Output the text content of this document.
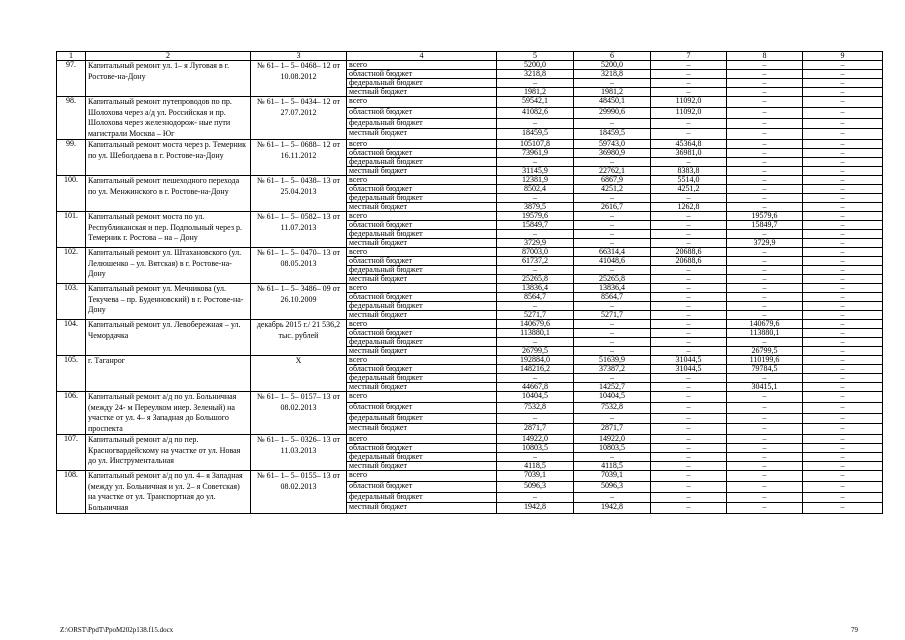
1	2	3	4	5	6	7	8	9
97.	Капитальный ремонт ул. 1– я Луговая в г. Ростове-на-Дону	№ 61– 1– 5– 0468– 12 от 10.08.2012	всего	5200,0	5200,0	–	–	–
			областной бюджет	3218,8	3218,8	–	–	–
			федеральный бюджет	–	–	–	–	–
			местный бюджет	1981,2	1981,2	–	–	–
98.	Капитальный ремонт путепроводов по пр. Шолохова через а/д ул. Российская и пр. Шолохова через железнодорож- ные пути магистрали Москва – Юг	№ 61– 1– 5– 0434– 12 от 27.07.2012	всего	59542,1	48450,1	11092,0	–	–
			областной бюджет	41082,6	29990,6	11092,0	–	–
			федеральный бюджет	–	–	–	–	–
			местный бюджет	18459,5	18459,5	–	–	–
99.	Капитальный ремонт моста через р. Темерник по ул. Шеболдаева в г. Ростове-на-Дону	№ 61– 1– 5– 0688– 12 от 16.11.2012	всего	105107,8	59743,0	45364,8	–	–
			областной бюджет	73961,9	36980,9	36981,0	–	–
			федеральный бюджет	–	–	–	–	–
			местный бюджет	31145,9	22762,1	8383,8	–	–
100.	Капитальный ремонт пешеходного перехода по ул. Менжинского в г. Ростове-на-Дону	№ 61– 1– 5– 0438– 13 от 25.04.2013	всего	12381,9	6867,9	5514,0	–	–
			областной бюджет	8502,4	4251,2	4251,2	–	–
			федеральный бюджет	–	–	–	–	–
			местный бюджет	3879,5	2616,7	1262,8	–	–
101.	Капитальный ремонт моста по ул. Республиканская и пер. Подпольный через р. Темерник г. Ростова – на – Дону	№ 61– 1– 5– 0582– 13 от 11.07.2013	всего	19579,6	–	–	19579,6	–
			областной бюджет	15849,7	–	–	15849,7	–
			федеральный бюджет	–	–	–	–	–
			местный бюджет	3729,9	–	–	3729,9	–
102.	Капитальный ремонт ул. Штахановского (ул. Лелюшенко – ул. Вятская) в г. Ростове-на-Дону	№ 61– 1– 5– 0470– 13 от 08.05.2013	всего	87003,0	66314,4	20688,6	–	–
			областной бюджет	61737,2	41048,6	20688,6	–	–
			федеральный бюджет	–	–	–	–	–
			местный бюджет	25265,8	25265,8	–	–	–
103.	Капитальный ремонт ул. Мечникова (ул. Текучева – пр. Буденновский) в г. Ростове-на-Дону	№ 61– 1– 5– 3486– 09 от 26.10.2009	всего	13836,4	13836,4	–	–	–
			областной бюджет	8564,7	8564,7	–	–	–
			федеральный бюджет	–	–	–	–	–
			местный бюджет	5271,7	5271,7	–	–	–
104.	Капитальный ремонт ул. Левобережная – ул. Чемордачка	декабрь 2015 г./ 21 536,2 тыс. рублей	всего	140679,6	–	–	140679,6	–
			областной бюджет	113880,1	–	–	113880,1	–
			федеральный бюджет	–	–	–	–	–
			местный бюджет	26799,5	–	–	26799,5	–
105.	г. Таганрог	Х	всего	192884,0	51639,9	31044,5	110199,6	–
			областной бюджет	148216,2	37387,2	31044,5	79784,5	–
			федеральный бюджет	–	–	–	–	–
			местный бюджет	44667,8	14252,7	–	30415,1	–
106.	Капитальный ремонт а/д по ул. Больничная (между 24- м Переулком инер. Зеленый) на участке от ул. 4– я Западная до Большого проспекта	№ 61– 1– 5– 0157– 13 от 08.02.2013	всего	10404,5	10404,5	–	–	–
			областной бюджет	7532,8	7532,8	–	–	–
			федеральный бюджет	–	–	–	–	–
			местный бюджет	2871,7	2871,7	–	–	–
107.	Капитальный ремонт а/д по пер. Красногвардейскому на участке от ул. Новая до ул. Инструментальная	№ 61– 1– 5– 0326– 13 от 11.03.2013	всего	14922,0	14922,0	–	–	–
			областной бюджет	10803,5	10803,5	–	–	–
			федеральный бюджет	–	–	–	–	–
			местный бюджет	4118,5	4118,5	–	–	–
108.	Капитальный ремонт а/д по ул. 4– я Западная (между ул. Больничная и ул. 2– я Советская) на участке от ул. Транспортная до ул. Больничная	№ 61– 1– 5– 0155– 13 от 08.02.2013	всего	7039,1	7039,1	–	–	–
			областной бюджет	5096,3	5096,3	–	–	–
			федеральный бюджет	–	–	–	–	–
			местный бюджет	1942,8	1942,8	–	–	–
Z:\ORST\PpdT\PpoM202p138.f15.docx	79
